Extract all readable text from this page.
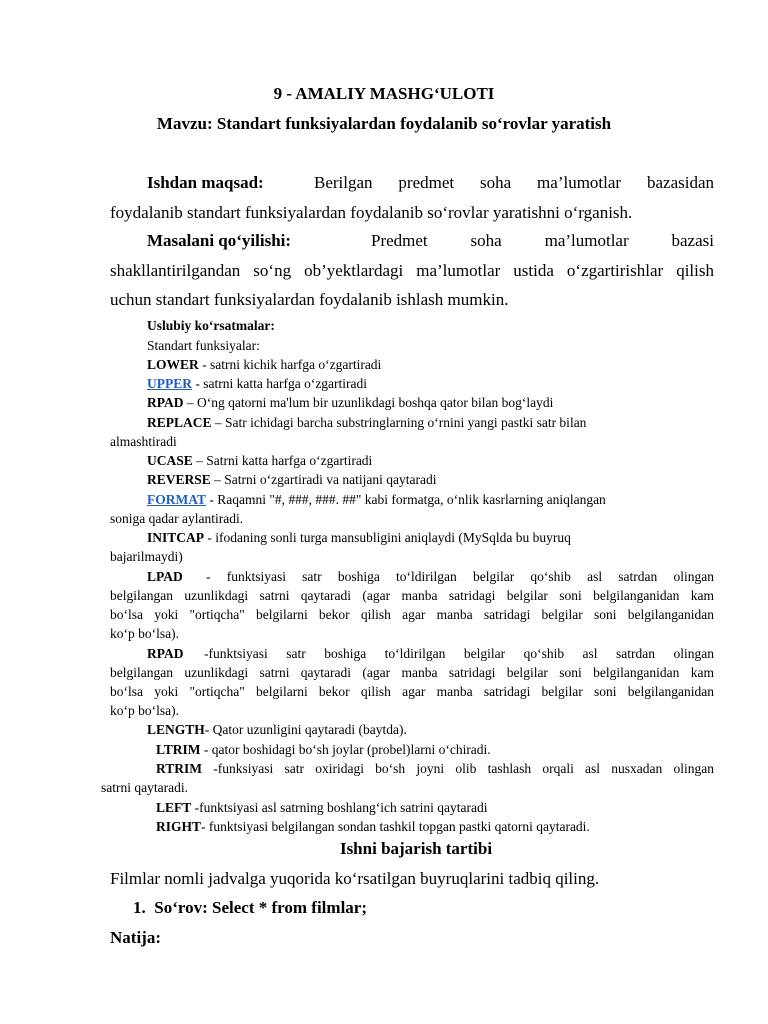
9 - AMALIY MASHG‘ULOTI
Mavzu: Standart funksiyalardan foydalanib so‘rovlar yaratish
Ishdan maqsad:	Berilgan predmet soha ma’lumotlar bazasidan
foydalanib standart funksiyalardan foydalanib so‘rovlar yaratishni o‘rganish.
Masalani qo‘yilishi:	Predmet soha ma’lumotlar bazasi
shakllantirilgandan so‘ng ob’yektlardagi ma’lumotlar ustida o‘zgartirishlar qilish
uchun standart funksiyalardan foydalanib ishlash mumkin.
Uslubiy ko‘rsatmalar:
Standart funksiyalar:
LOWER - satrni kichik harfga o‘zgartiradi
UPPER - satrni katta harfga o‘zgartiradi
RPAD – O‘ng qatorni ma'lum bir uzunlikdagi boshqa qator bilan bog‘laydi
REPLACE – Satr ichidagi barcha substringlarning o‘rnini yangi pastki satr bilan
almashtiradi
UCASE – Satrni katta harfga o‘zgartiradi
REVERSE – Satrni o‘zgartiradi va natijani qaytaradi
FORMAT - Raqamni "#, ###, ###. ##" kabi formatga, o‘nlik kasrlarning aniqlangan
soniga qadar aylantiradi.
INITCAP - ifodaning sonli turga mansubligini aniqlaydi (MySqlda bu buyruq
bajarilmaydi)
LPAD - funktsiyasi satr boshiga to‘ldirilgan belgilar qo‘shib asl satrdan olingan
belgilangan uzunlikdagi satrni qaytaradi (agar manba satridagi belgilar soni belgilanganidan kam
bo‘lsa yoki "ortiqcha" belgilarni bekor qilish agar manba satridagi belgilar soni belgilanganidan
ko‘p bo‘lsa).
RPAD -funktsiyasi satr boshiga to‘ldirilgan belgilar qo‘shib asl satrdan olingan
belgilangan uzunlikdagi satrni qaytaradi (agar manba satridagi belgilar soni belgilanganidan kam
bo‘lsa yoki "ortiqcha" belgilarni bekor qilish agar manba satridagi belgilar soni belgilanganidan
ko‘p bo‘lsa).
LENGTH- Qator uzunligini qaytaradi (baytda).
LTRIM - qator boshidagi bo‘sh joylar (probel)larni o‘chiradi.
RTRIM -funksiyasi satr oxiridagi bo‘sh joyni olib tashlash orqali asl nusxadan olingan
satrni qaytaradi.
LEFT -funktsiyasi asl satrning boshlang‘ich satrini qaytaradi
RIGHT- funktsiyasi belgilangan sondan tashkil topgan pastki qatorni qaytaradi.
Ishni bajarish tartibi
Filmlar nomli jadvalga yuqorida ko‘rsatilgan buyruqlarini tadbiq qiling.
1. So‘rov: Select * from filmlar;
Natija:
